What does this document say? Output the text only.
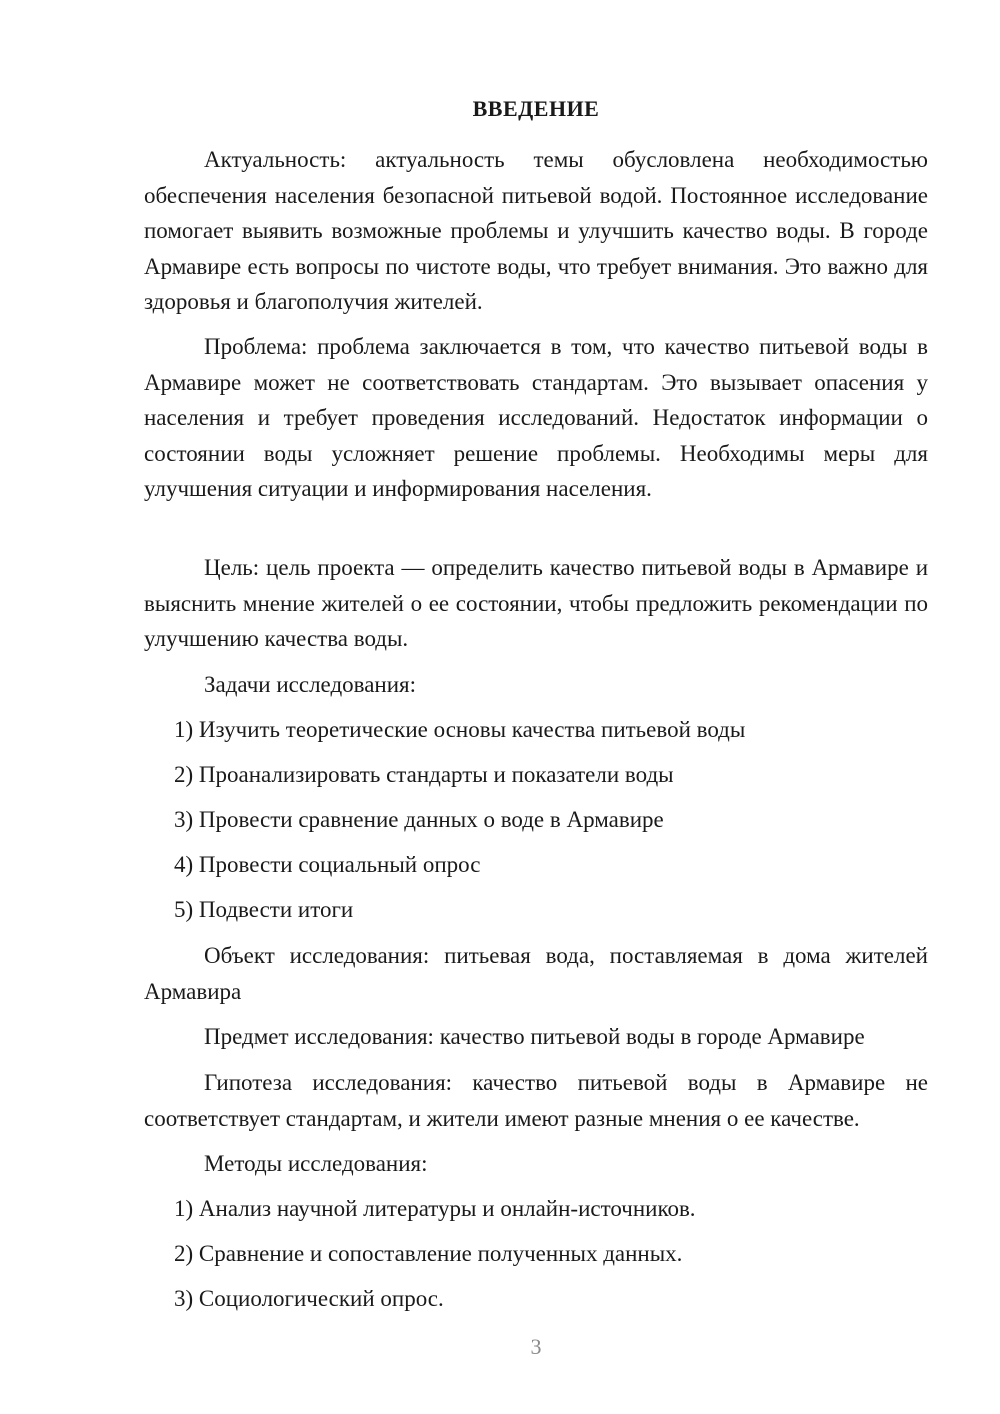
ВВЕДЕНИЕ

Актуальность: актуальность темы обусловлена необходимостью обеспечения населения безопасной питьевой водой. Постоянное исследование помогает выявить возможные проблемы и улучшить качество воды. В городе Армавире есть вопросы по чистоте воды, что требует внимания. Это важно для здоровья и благополучия жителей.

Проблема: проблема заключается в том, что качество питьевой воды в Армавире может не соответствовать стандартам. Это вызывает опасения у населения и требует проведения исследований. Недостаток информации о состоянии воды усложняет решение проблемы. Необходимы меры для улучшения ситуации и информирования населения.

Цель: цель проекта — определить качество питьевой воды в Армавире и выяснить мнение жителей о ее состоянии, чтобы предложить рекомендации по улучшению качества воды.

Задачи исследования:

1) Изучить теоретические основы качества питьевой воды

2) Проанализировать стандарты и показатели воды

3) Провести сравнение данных о воде в Армавире

4) Провести социальный опрос

5) Подвести итоги

Объект исследования: питьевая вода, поставляемая в дома жителей Армавира

Предмет исследования: качество питьевой воды в городе Армавире

Гипотеза исследования: качество питьевой воды в Армавире не соответствует стандартам, и жители имеют разные мнения о ее качестве.

Методы исследования:

1) Анализ научной литературы и онлайн-источников.

2) Сравнение и сопоставление полученных данных.

3) Социологический опрос.

3
